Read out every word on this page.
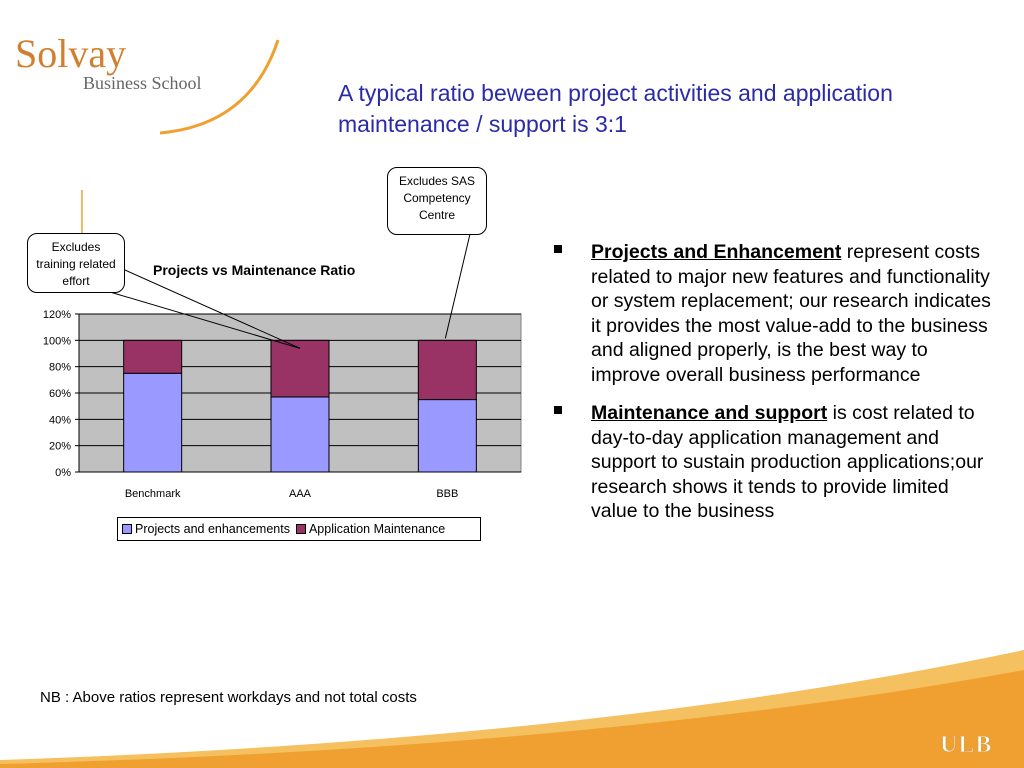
Solvay
Business School	A typical ratio beween project activities and application maintenance / support is 3:1
0%
20%
40%
60%
80%
100%
120%
Benchmark	AAA	BBB
Projects vs Maintenance Ratio
Excludes training related effort
Excludes SAS Competency Centre
Projects and enhancements Application Maintenance
Projects and Enhancement represent costs related to major new features and functionality or system replacement; our research indicates it provides the most value-add to the business and aligned properly, is the best way to improve overall business performance
Maintenance and support is cost related to day-to-day application management and support to sustain production applications;our research shows it tends to provide limited value to the business
NB : Above ratios represent workdays and not total costs
ULB
